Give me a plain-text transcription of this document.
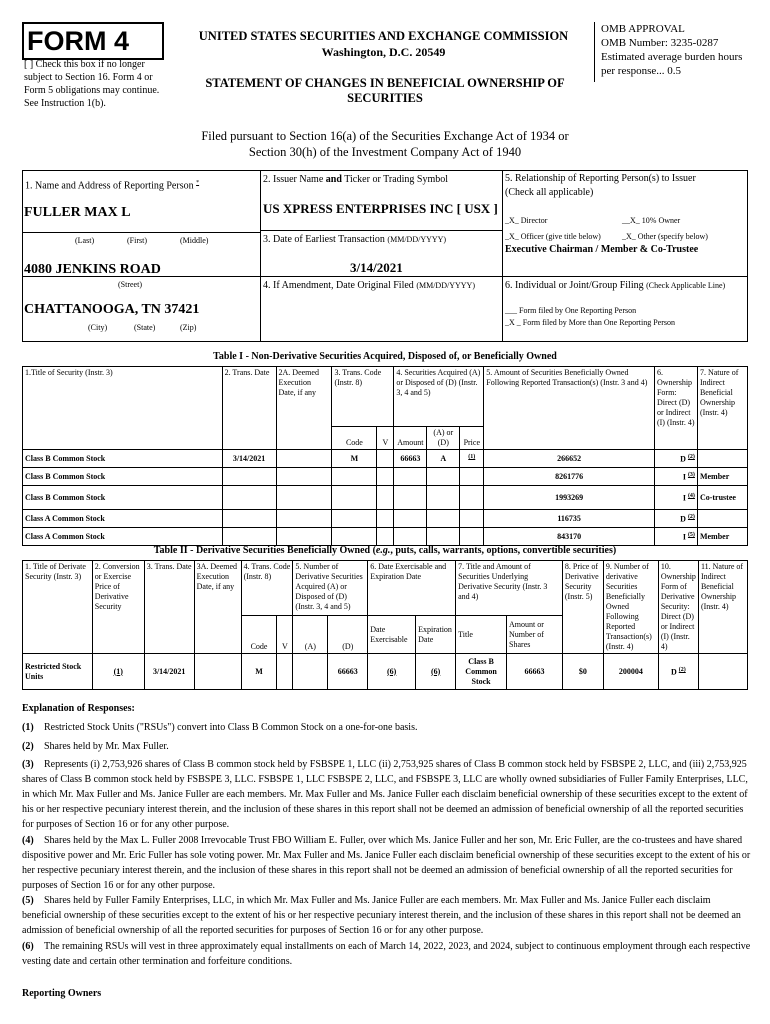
FORM 4
[ ] Check this box if no longer subject to Section 16. Form 4 or Form 5 obligations may continue. See Instruction 1(b).
UNITED STATES SECURITIES AND EXCHANGE COMMISSION
Washington, D.C. 20549
STATEMENT OF CHANGES IN BENEFICIAL OWNERSHIP OF SECURITIES
OMB APPROVAL
OMB Number: 3235-0287
Estimated average burden hours per response... 0.5
Filed pursuant to Section 16(a) of the Securities Exchange Act of 1934 or
Section 30(h) of the Investment Company Act of 1940
1. Name and Address of Reporting Person *
FULLER MAX L
(Last)	(First)	(Middle)
4080 JENKINS ROAD
(Street)
CHATTANOOGA, TN 37421
(City)	(State)	(Zip)
2. Issuer Name and Ticker or Trading Symbol
US XPRESS ENTERPRISES INC [ USX ]
3. Date of Earliest Transaction (MM/DD/YYYY)
3/14/2021
4. If Amendment, Date Original Filed (MM/DD/YYYY)
5. Relationship of Reporting Person(s) to Issuer
(Check all applicable)
_X_ Director	__X_ 10% Owner
_X_ Officer (give title below)	_X_ Other (specify below)
Executive Chairman / Member & Co-Trustee
6. Individual or Joint/Group Filing (Check Applicable Line)
___ Form filed by One Reporting Person
_X _ Form filed by More than One Reporting Person
Table I - Non-Derivative Securities Acquired, Disposed of, or Beneficially Owned
1.Title of Security (Instr. 3)	2. Trans. Date	2A. Deemed Execution Date, if any	3. Trans. Code (Instr. 8)		4. Securities Acquired (A) or Disposed of (D) (Instr. 3, 4 and 5)			5. Amount of Securities Beneficially Owned Following Reported Transaction(s) (Instr. 3 and 4)	6. Ownership Form: Direct (D) or Indirect (I) (Instr. 4)	7. Nature of Indirect Beneficial Ownership (Instr. 4)
			Code	V	Amount	(A) or (D)	Price			
Class B Common Stock	3/14/2021		M		66663	A	$^{(1)}$	266652	D $^{(2)}$	
Class B Common Stock								8261776	I $^{(3)}$	Member
Class B Common Stock								1993269	I $^{(4)}$	Co-trustee
Class A Common Stock								116735	D $^{(2)}$	
Class A Common Stock								843170	I $^{(5)}$	Member
Table II - Derivative Securities Beneficially Owned (e.g., puts, calls, warrants, options, convertible securities)
1. Title of Derivate Security (Instr. 3)	2. Conversion or Exercise Price of Derivative Security	3. Trans. Date	3A. Deemed Execution Date, if any	4. Trans. Code (Instr. 8)		5. Number of Derivative Securities Acquired (A) or Disposed of (D) (Instr. 3, 4 and 5)		6. Date Exercisable and Expiration Date		7. Title and Amount of Securities Underlying Derivative Security (Instr. 3 and 4)		8. Price of Derivative Security (Instr. 5)	9. Number of derivative Securities Beneficially Owned Following Reported Transaction(s) (Instr. 4)	10. Ownership Form of Derivative Security: Direct (D) or Indirect (I) (Instr. 4)	11. Nature of Indirect Beneficial Ownership (Instr. 4)
				Code	V	(A)	(D)	Date Exercisable	Expiration Date	Title	Amount or Number of Shares				
Restricted Stock Units	(1)	3/14/2021		M			66663	(6)	(6)	Class B Common Stock	66663	$0	200004	D $^{(2)}$	
Explanation of Responses:
(1) Restricted Stock Units ("RSUs") convert into Class B Common Stock on a one-for-one basis.
(2) Shares held by Mr. Max Fuller.
(3) Represents (i) 2,753,926 shares of Class B common stock held by FSBSPE 1, LLC (ii) 2,753,925 shares of Class B common stock held by FSBSPE 2, LLC, and (iii) 2,753,925 shares of Class B common stock held by FSBSPE 3, LLC. FSBSPE 1, LLC FSBSPE 2, LLC, and FSBSPE 3, LLC are wholly owned subsidiaries of Fuller Family Enterprises, LLC, in which Mr. Max Fuller and Ms. Janice Fuller are each members. Mr. Max Fuller and Ms. Janice Fuller each disclaim beneficial ownership of these securities except to the extent of his or her respective pecuniary interest therein, and the inclusion of these shares in this report shall not be deemed an admission of beneficial ownership of all the reported securities for purposes of Section 16 or for any other purpose.
(4) Shares held by the Max L. Fuller 2008 Irrevocable Trust FBO William E. Fuller, over which Ms. Janice Fuller and her son, Mr. Eric Fuller, are the co-trustees and have shared dispositive power and Mr. Eric Fuller has sole voting power. Mr. Max Fuller and Ms. Janice Fuller each disclaim beneficial ownership of these securities except to the extent of his or her respective pecuniary interest therein, and the inclusion of these shares in this report shall not be deemed an admission of beneficial ownership of all the reported securities for purposes of Section 16 or for any other purpose.
(5) Shares held by Fuller Family Enterprises, LLC, in which Mr. Max Fuller and Ms. Janice Fuller are each members. Mr. Max Fuller and Ms. Janice Fuller each disclaim beneficial ownership of these securities except to the extent of his or her respective pecuniary interest therein, and the inclusion of these shares in this report shall not be deemed an admission of beneficial ownership of all the reported securities for purposes of Section 16 or for any other purpose.
(6) The remaining RSUs will vest in three approximately equal installments on each of March 14, 2022, 2023, and 2024, subject to continuous employment through each respective vesting date and certain other termination and forfeiture conditions.
Reporting Owners
